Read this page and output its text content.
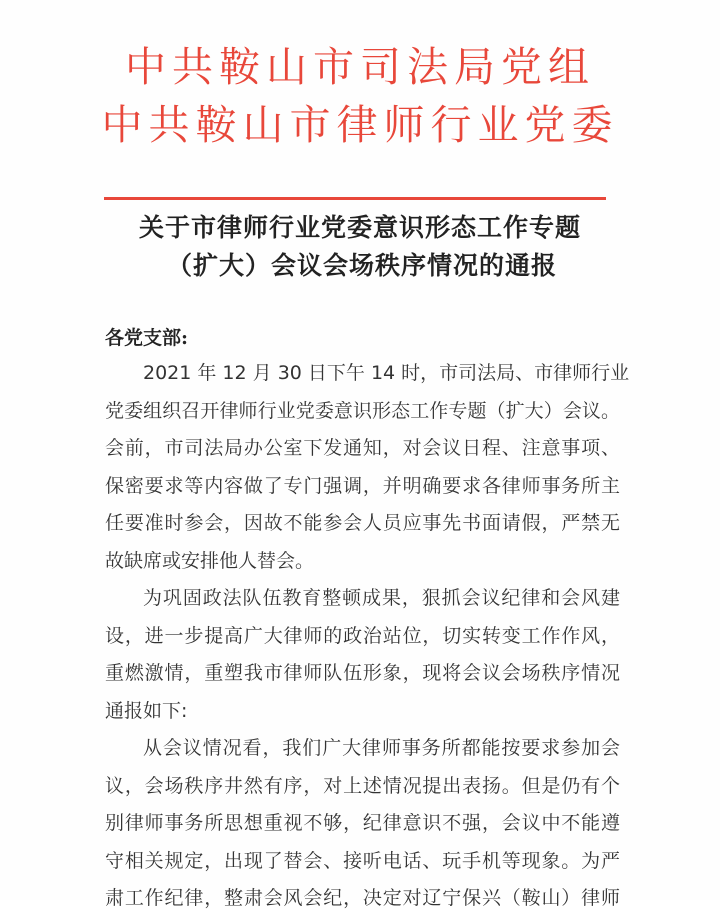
中共鞍山市司法局党组
中共鞍山市律师行业党委
关于市律师行业党委意识形态工作专题
（扩大）会议会场秩序情况的通报
各党支部:
2021 年 12 月 30 日下午 14 时，市司法局、市律师行业
党委组织召开律师行业党委意识形态工作专题（扩大）会议。
会前，市司法局办公室下发通知，对会议日程、注意事项、
保密要求等内容做了专门强调，并明确要求各律师事务所主
任要准时参会，因故不能参会人员应事先书面请假，严禁无
故缺席或安排他人替会。
为巩固政法队伍教育整顿成果，狠抓会议纪律和会风建
设，进一步提高广大律师的政治站位，切实转变工作作风，
重燃激情，重塑我市律师队伍形象，现将会议会场秩序情况
通报如下:
从会议情况看，我们广大律师事务所都能按要求参加会
议，会场秩序井然有序，对上述情况提出表扬。但是仍有个
别律师事务所思想重视不够，纪律意识不强，会议中不能遵
守相关规定，出现了替会、接听电话、玩手机等现象。为严
肃工作纪律，整肃会风会纪，决定对辽宁保兴（鞍山）律师
